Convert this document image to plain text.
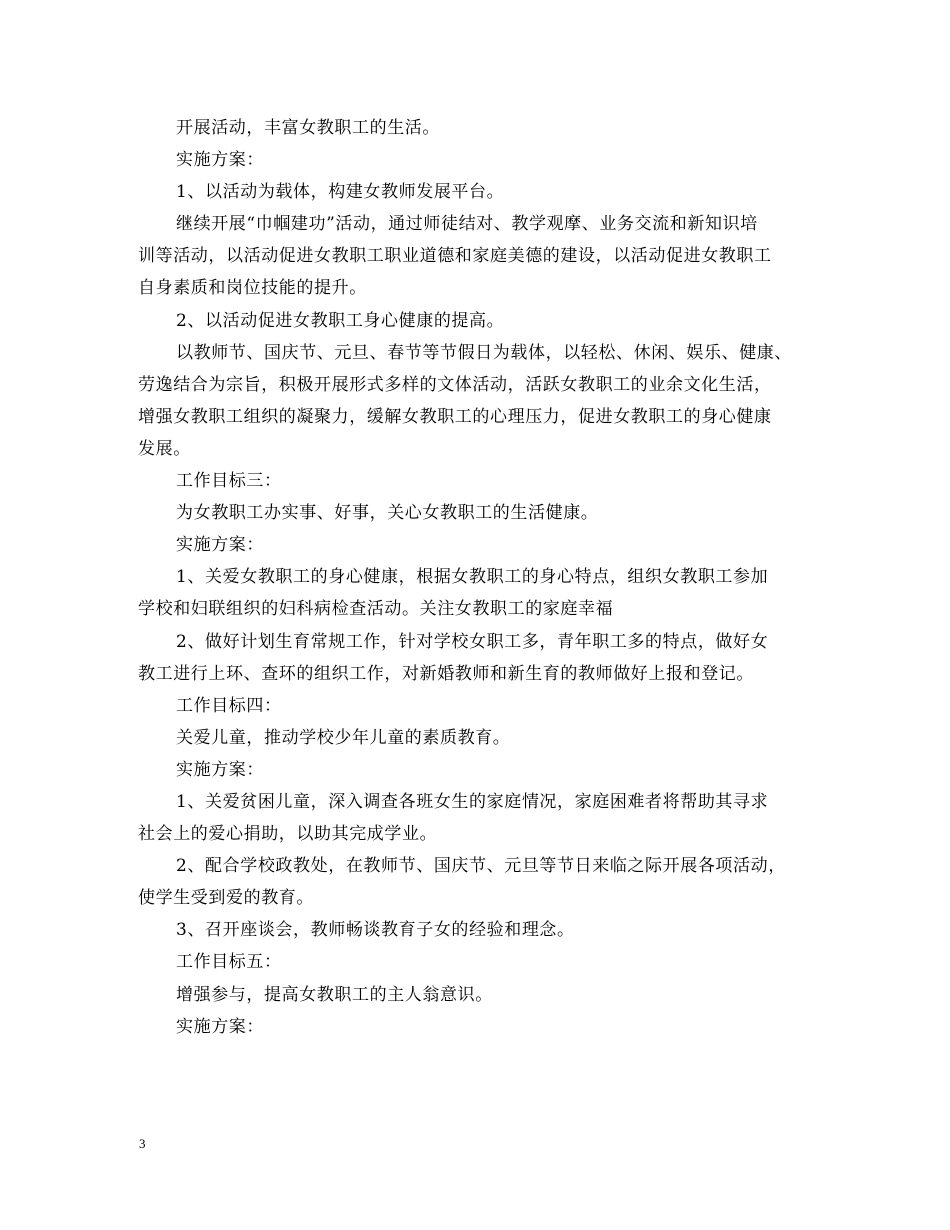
开展活动，丰富女教职工的生活。
实施方案：
1、以活动为载体，构建女教师发展平台。
继续开展“巾帼建功”活动，通过师徒结对、教学观摩、业务交流和新知识培
训等活动，以活动促进女教职工职业道德和家庭美德的建设，以活动促进女教职工
自身素质和岗位技能的提升。
2、以活动促进女教职工身心健康的提高。
以教师节、国庆节、元旦、春节等节假日为载体，以轻松、休闲、娱乐、健康、
劳逸结合为宗旨，积极开展形式多样的文体活动，活跃女教职工的业余文化生活，
增强女教职工组织的凝聚力，缓解女教职工的心理压力，促进女教职工的身心健康
发展。
工作目标三：
为女教职工办实事、好事，关心女教职工的生活健康。
实施方案：
1、关爱女教职工的身心健康，根据女教职工的身心特点，组织女教职工参加
学校和妇联组织的妇科病检查活动。关注女教职工的家庭幸福
2、做好计划生育常规工作，针对学校女职工多，青年职工多的特点，做好女
教工进行上环、查环的组织工作，对新婚教师和新生育的教师做好上报和登记。
工作目标四：
关爱儿童，推动学校少年儿童的素质教育。
实施方案：
1、关爱贫困儿童，深入调查各班女生的家庭情况，家庭困难者将帮助其寻求
社会上的爱心捐助，以助其完成学业。
2、配合学校政教处，在教师节、国庆节、元旦等节日来临之际开展各项活动，
使学生受到爱的教育。
3、召开座谈会，教师畅谈教育子女的经验和理念。
工作目标五：
增强参与，提高女教职工的主人翁意识。
实施方案：
3
